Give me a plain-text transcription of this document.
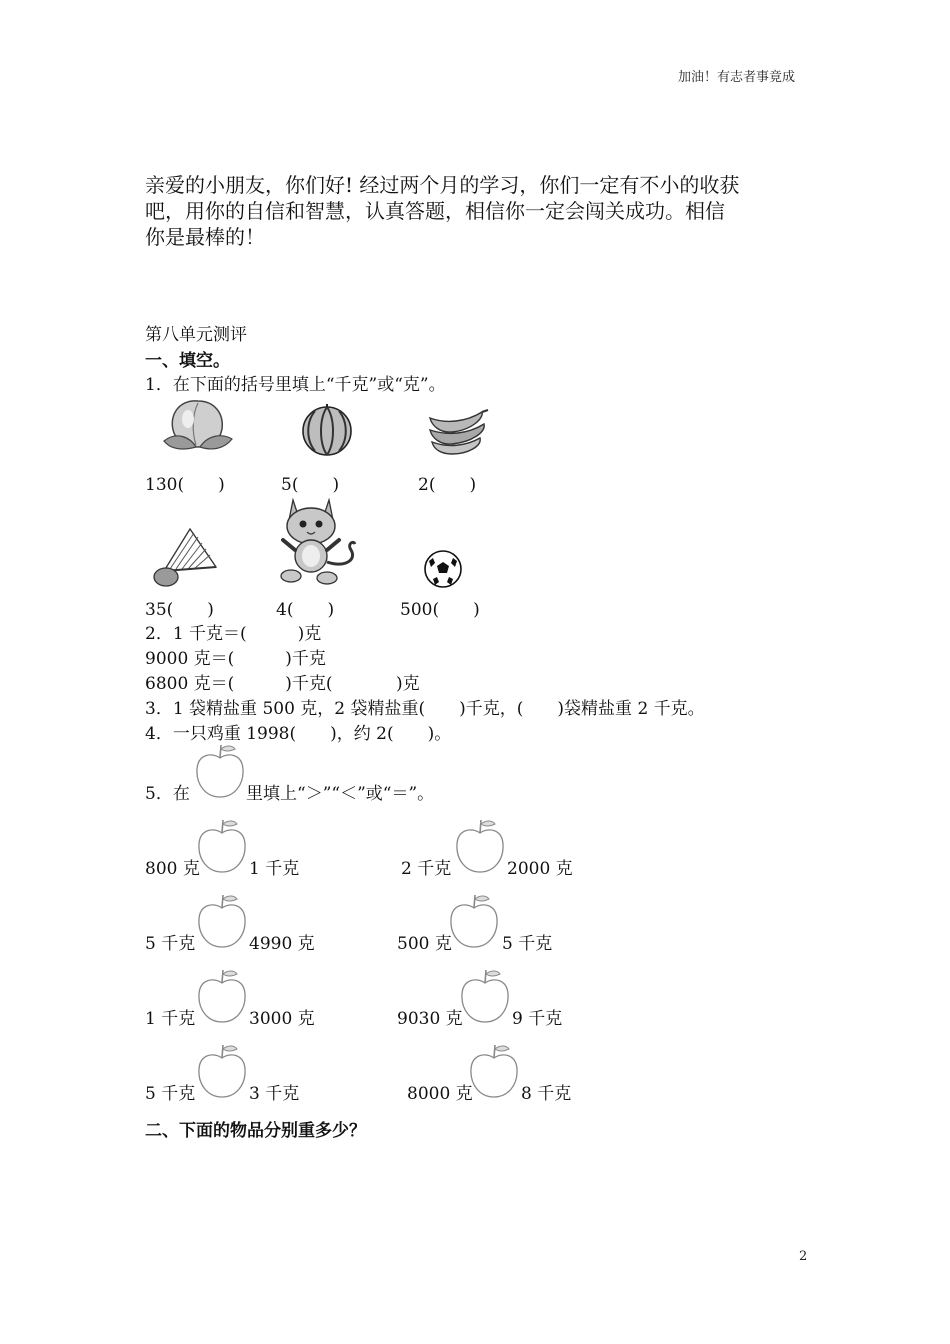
加油！有志者事竟成
亲爱的小朋友，你们好! 经过两个月的学习，你们一定有不小的收获
吧，用你的自信和智慧，认真答题，相信你一定会闯关成功。相信
你是最棒的！
第八单元测评
一、填空。
1．在下面的括号里填上“千克”或“克”。
130(　　)	5(　　)	2(　　)
35(　　)	4(　　)	500(　　)
2．1 千克＝(　　　)克
9000 克＝(　　　)千克
6800 克＝(　　　)千克(	)克
3．1 袋精盐重 500 克，2 袋精盐重(　　)千克，(　　)袋精盐重 2 千克。
4．一只鸡重 1998(　　)，约 2(　　)。
5．在	里填上“＞”“＜”或“＝”。
800 克	1 千克	2 千克	2000 克
5 千克	4990 克	500 克	5 千克
1 千克	3000 克	9030 克	9 千克
5 千克	3 千克	8000 克	8 千克
二、下面的物品分别重多少？
2
